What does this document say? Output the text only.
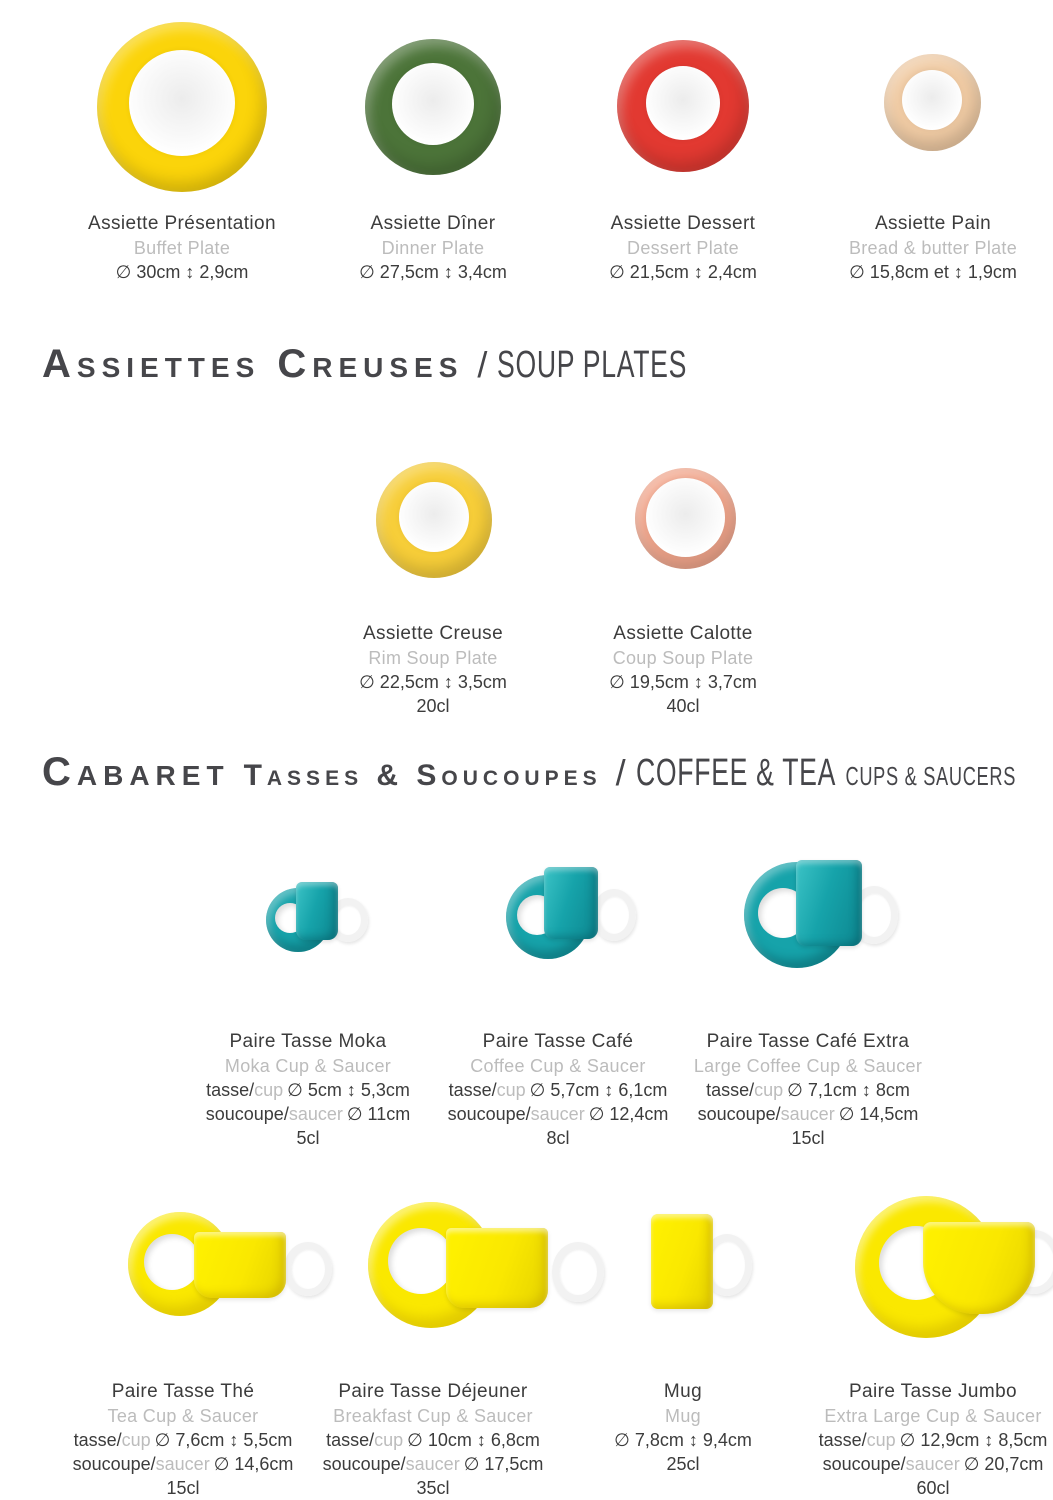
Assiette Présentation
Buffet Plate
∅ 30cm ↕ 2,9cm
Assiette Dîner
Dinner Plate
∅ 27,5cm ↕ 3,4cm
Assiette Dessert
Dessert Plate
∅ 21,5cm ↕ 2,4cm
Assiette Pain
Bread & butter Plate
∅ 15,8cm et ↕ 1,9cm
Assiettes Creuses / SOUP PLATES
Assiette Creuse
Rim Soup Plate
∅ 22,5cm ↕ 3,5cm
20cl
Assiette Calotte
Coup Soup Plate
∅ 19,5cm ↕ 3,7cm
40cl
Cabaret Tasses & Soucoupes / COFFEE & TEA CUPS & SAUCERS
Paire Tasse Moka
Moka Cup & Saucer
tasse/cup ∅ 5cm ↕ 5,3cm
soucoupe/saucer ∅ 11cm
5cl
Paire Tasse Café
Coffee Cup & Saucer
tasse/cup ∅ 5,7cm ↕ 6,1cm
soucoupe/saucer ∅ 12,4cm
8cl
Paire Tasse Café Extra
Large Coffee Cup & Saucer
tasse/cup ∅ 7,1cm ↕ 8cm
soucoupe/saucer ∅ 14,5cm
15cl
Paire Tasse Thé
Tea Cup & Saucer
tasse/cup ∅ 7,6cm ↕ 5,5cm
soucoupe/saucer ∅ 14,6cm
15cl
Paire Tasse Déjeuner
Breakfast Cup & Saucer
tasse/cup ∅ 10cm ↕ 6,8cm
soucoupe/saucer ∅ 17,5cm
35cl
Mug
Mug
∅ 7,8cm ↕ 9,4cm
25cl
Paire Tasse Jumbo
Extra Large Cup & Saucer
tasse/cup ∅ 12,9cm ↕ 8,5cm
soucoupe/saucer ∅ 20,7cm
60cl
